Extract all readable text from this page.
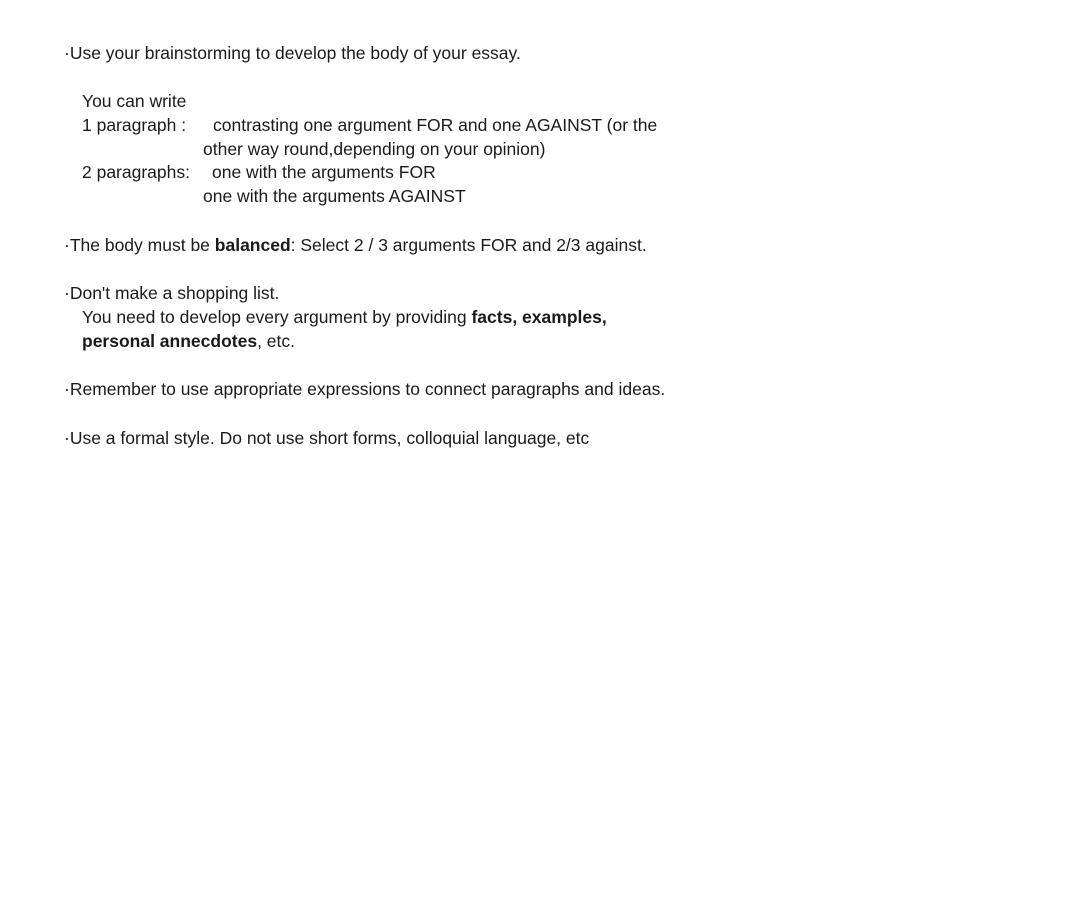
·Use your brainstorming to develop the body of your essay.
You can write
1 paragraph : contrasting one argument FOR and one AGAINST (or the
other way round,depending on your opinion)
2 paragraphs: one with the arguments FOR
one with the arguments AGAINST
·The body must be balanced: Select 2 / 3 arguments FOR and 2/3 against.
·Don't make a shopping list.
You need to develop every argument by providing facts, examples,
personal annecdotes, etc.
·Remember to use appropriate expressions to connect paragraphs and ideas.
·Use a formal style. Do not use short forms, colloquial language, etc
